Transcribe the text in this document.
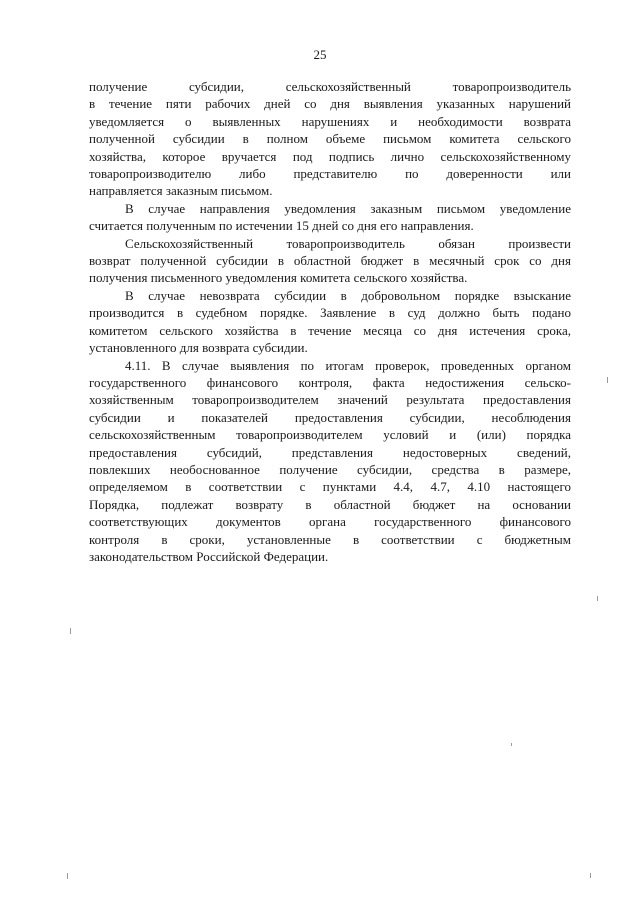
25

получение субсидии, сельскохозяйственный товаропроизводитель
в течение пяти рабочих дней со дня выявления указанных нарушений
уведомляется о выявленных нарушениях и необходимости возврата
полученной субсидии в полном объеме письмом комитета сельского
хозяйства, которое вручается под подпись лично сельскохозяйственному
товаропроизводителю либо представителю по доверенности или
направляется заказным письмом.

В случае направления уведомления заказным письмом уведомление
считается полученным по истечении 15 дней со дня его направления.

Сельскохозяйственный товаропроизводитель обязан произвести
возврат полученной субсидии в областной бюджет в месячный срок со дня
получения письменного уведомления комитета сельского хозяйства.

В случае невозврата субсидии в добровольном порядке взыскание
производится в судебном порядке. Заявление в суд должно быть подано
комитетом сельского хозяйства в течение месяца со дня истечения срока,
установленного для возврата субсидии.

4.11. В случае выявления по итогам проверок, проведенных органом
государственного финансового контроля, факта недостижения сельско-
хозяйственным товаропроизводителем значений результата предоставления
субсидии и показателей предоставления субсидии, несоблюдения
сельскохозяйственным товаропроизводителем условий и (или) порядка
предоставления субсидий, представления недостоверных сведений,
повлекших необоснованное получение субсидии, средства в размере,
определяемом в соответствии с пунктами 4.4, 4.7, 4.10 настоящего
Порядка, подлежат возврату в областной бюджет на основании
соответствующих документов органа государственного финансового
контроля в сроки, установленные в соответствии с бюджетным
законодательством Российской Федерации.
